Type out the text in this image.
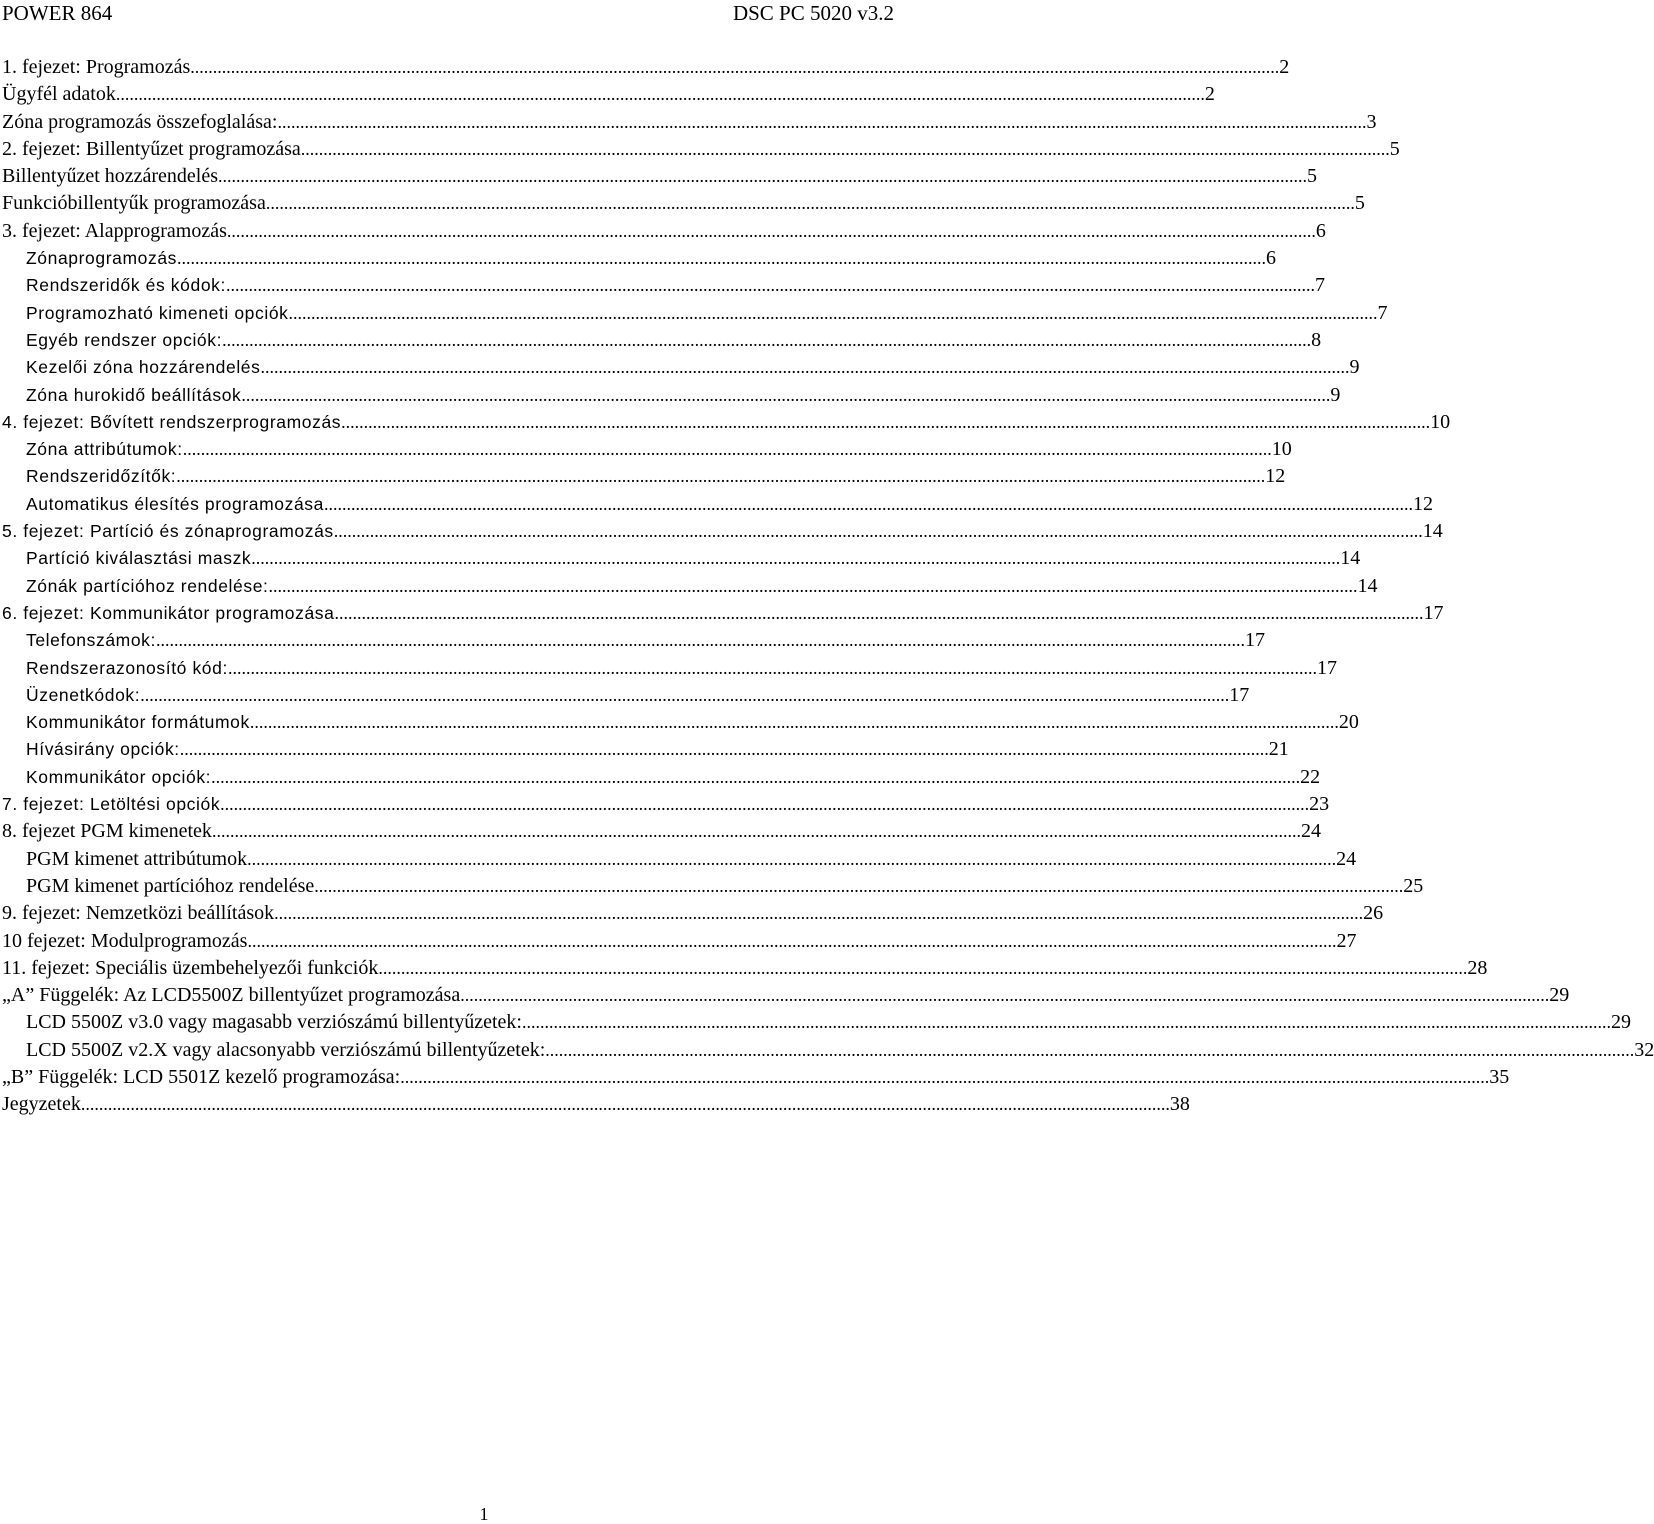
POWER 864	DSC PC 5020 v3.2
1. fejezet: Programozás .....	2
Ügyfél adatok .....	2
Zóna programozás összefoglalása: .....	3
2. fejezet: Billentyűzet programozása .....	5
Billentyűzet hozzárendelés .....	5
Funkcióbillentyűk programozása .....	5
3. fejezet: Alapprogramozás .....	6
Zónaprogramozás .....	6
Rendszeridők és kódok: .....	7
Programozható kimeneti opciók .....	7
Egyéb rendszer opciók: .....	8
Kezelői zóna hozzárendelés .....	9
Zóna hurokidő beállítások .....	9
4. fejezet: Bővített rendszerprogramozás .....	10
Zóna attribútumok: .....	10
Rendszeridőzítők: .....	12
Automatikus élesítés programozása .....	12
5. fejezet: Partíció és zónaprogramozás .....	14
Partíció kiválasztási maszk .....	14
Zónák partícióhoz rendelése: .....	14
6. fejezet: Kommunikátor programozása .....	17
Telefonszámok: .....	17
Rendszerazonosító kód: .....	17
Üzenetkódok: .....	17
Kommunikátor formátumok .....	20
Hívásirány opciók: .....	21
Kommunikátor opciók: .....	22
7. fejezet: Letöltési opciók .....	23
8. fejezet PGM kimenetek .....	24
PGM kimenet attribútumok .....	24
PGM kimenet partícióhoz rendelése .....	25
9. fejezet: Nemzetközi beállítások .....	26
10 fejezet: Modulprogramozás .....	27
11. fejezet: Speciális üzembehelyezői funkciók .....	28
„A” Függelék: Az LCD5500Z billentyűzet programozása .....	29
LCD 5500Z v3.0 vagy magasabb verziószámú billentyűzetek: .....	29
LCD 5500Z v2.X vagy alacsonyabb verziószámú billentyűzetek: .....	32
„B” Függelék: LCD 5501Z kezelő programozása: .....	35
Jegyzetek .....	38
1
